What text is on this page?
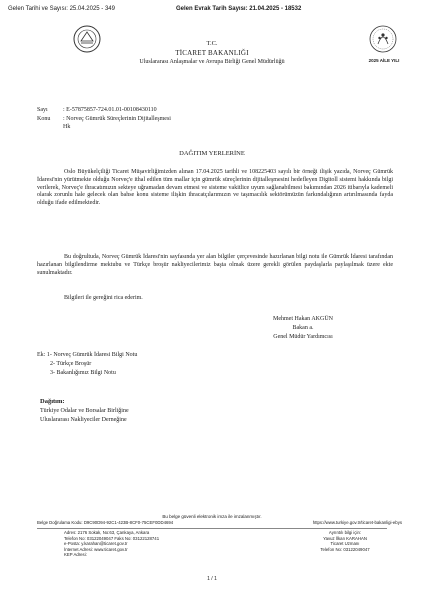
Gelen Tarihi ve Sayısı: 25.04.2025 - 349	Gelen Evrak Tarih Sayısı: 21.04.2025 - 18532
2025 AİLE YILI
T.C.
TİCARET BAKANLIĞI
Uluslararası Anlaşmalar ve Avrupa Birliği Genel Müdürlüğü
Sayı	: E-57875857-724.01.01-00108430110
Konu : Norveç Gümrük Süreçlerinin Dijitalleşmesi
Hk
DAĞITIM YERLERİNE
Oslo Büyükelçiliği Ticaret Müşavirliğimizden alınan 17.04.2025 tarihli ve 108225403 sayılı bir örneği ilişik yazıda, Norveç Gümrük İdaresi'nin yürütmekte olduğu Norveç'e ithal edilen tüm mallar için gümrük süreçlerinin dijitalleşmesini hedefleyen Digitoll sistemi hakkında bilgi verilerek, Norveç'e ihracatımızın sekteye uğramadan devam etmesi ve sisteme vakitlice uyum sağlanabilmesi bakımından 2026 itibarıyla kademeli olarak zorunlu hale gelecek olan bahse konu sisteme ilişkin ihracatçılarımızın ve taşımacılık sektörümüzün farkındalığının artırılmasında fayda olduğu ifade edilmektedir.
Bu doğrultuda, Norveç Gümrük İdaresi'nin sayfasında yer alan bilgiler çerçevesinde hazırlanan bilgi notu ile Gümrük İdaresi tarafından hazırlanan bilgilendirme mektubu ve Türkçe broşür nakliyecilerimiz başta olmak üzere gerekli görülen paydaşlarla paylaşılmak üzere ekte sunulmaktadır.
Bilgileri ile gereğini rica ederim.
Mehmet Hakan AKGÜN
Bakan a.
Genel Müdür Yardımcısı
Ek: 1- Norveç Gümrük İdaresi Bilgi Notu
2- Türkçe Broşür
3- Bakanlığımız Bilgi Notu
Dağıtım:
Türkiye Odalar ve Borsalar Birliğine
Uluslararası Nakliyeciler Derneğine
Bu belge güvenli elektronik imza ile imzalanmıştır.
Belge Doğrulama Kodu: D9C90D94-92C1-423B-8CF0-75CEF0DD4694	https://www.turkiye.gov.tr/ticaret-bakanligi-ebys
Adres: 2176 Sokak, No:63, Çankaya, Ankara
Telefon No: 03122049047 Faks No: 03122128741
e-Posta: y.karahan@ticaret.gov.tr
İnternet Adresi: www.ticaret.gov.tr
KEP Adresi:
Ayrıntılı bilgi için:
Yavuz İlkan KARAHAN
Ticaret Uzmanı
Telefon No: 03122049047
1 / 1
